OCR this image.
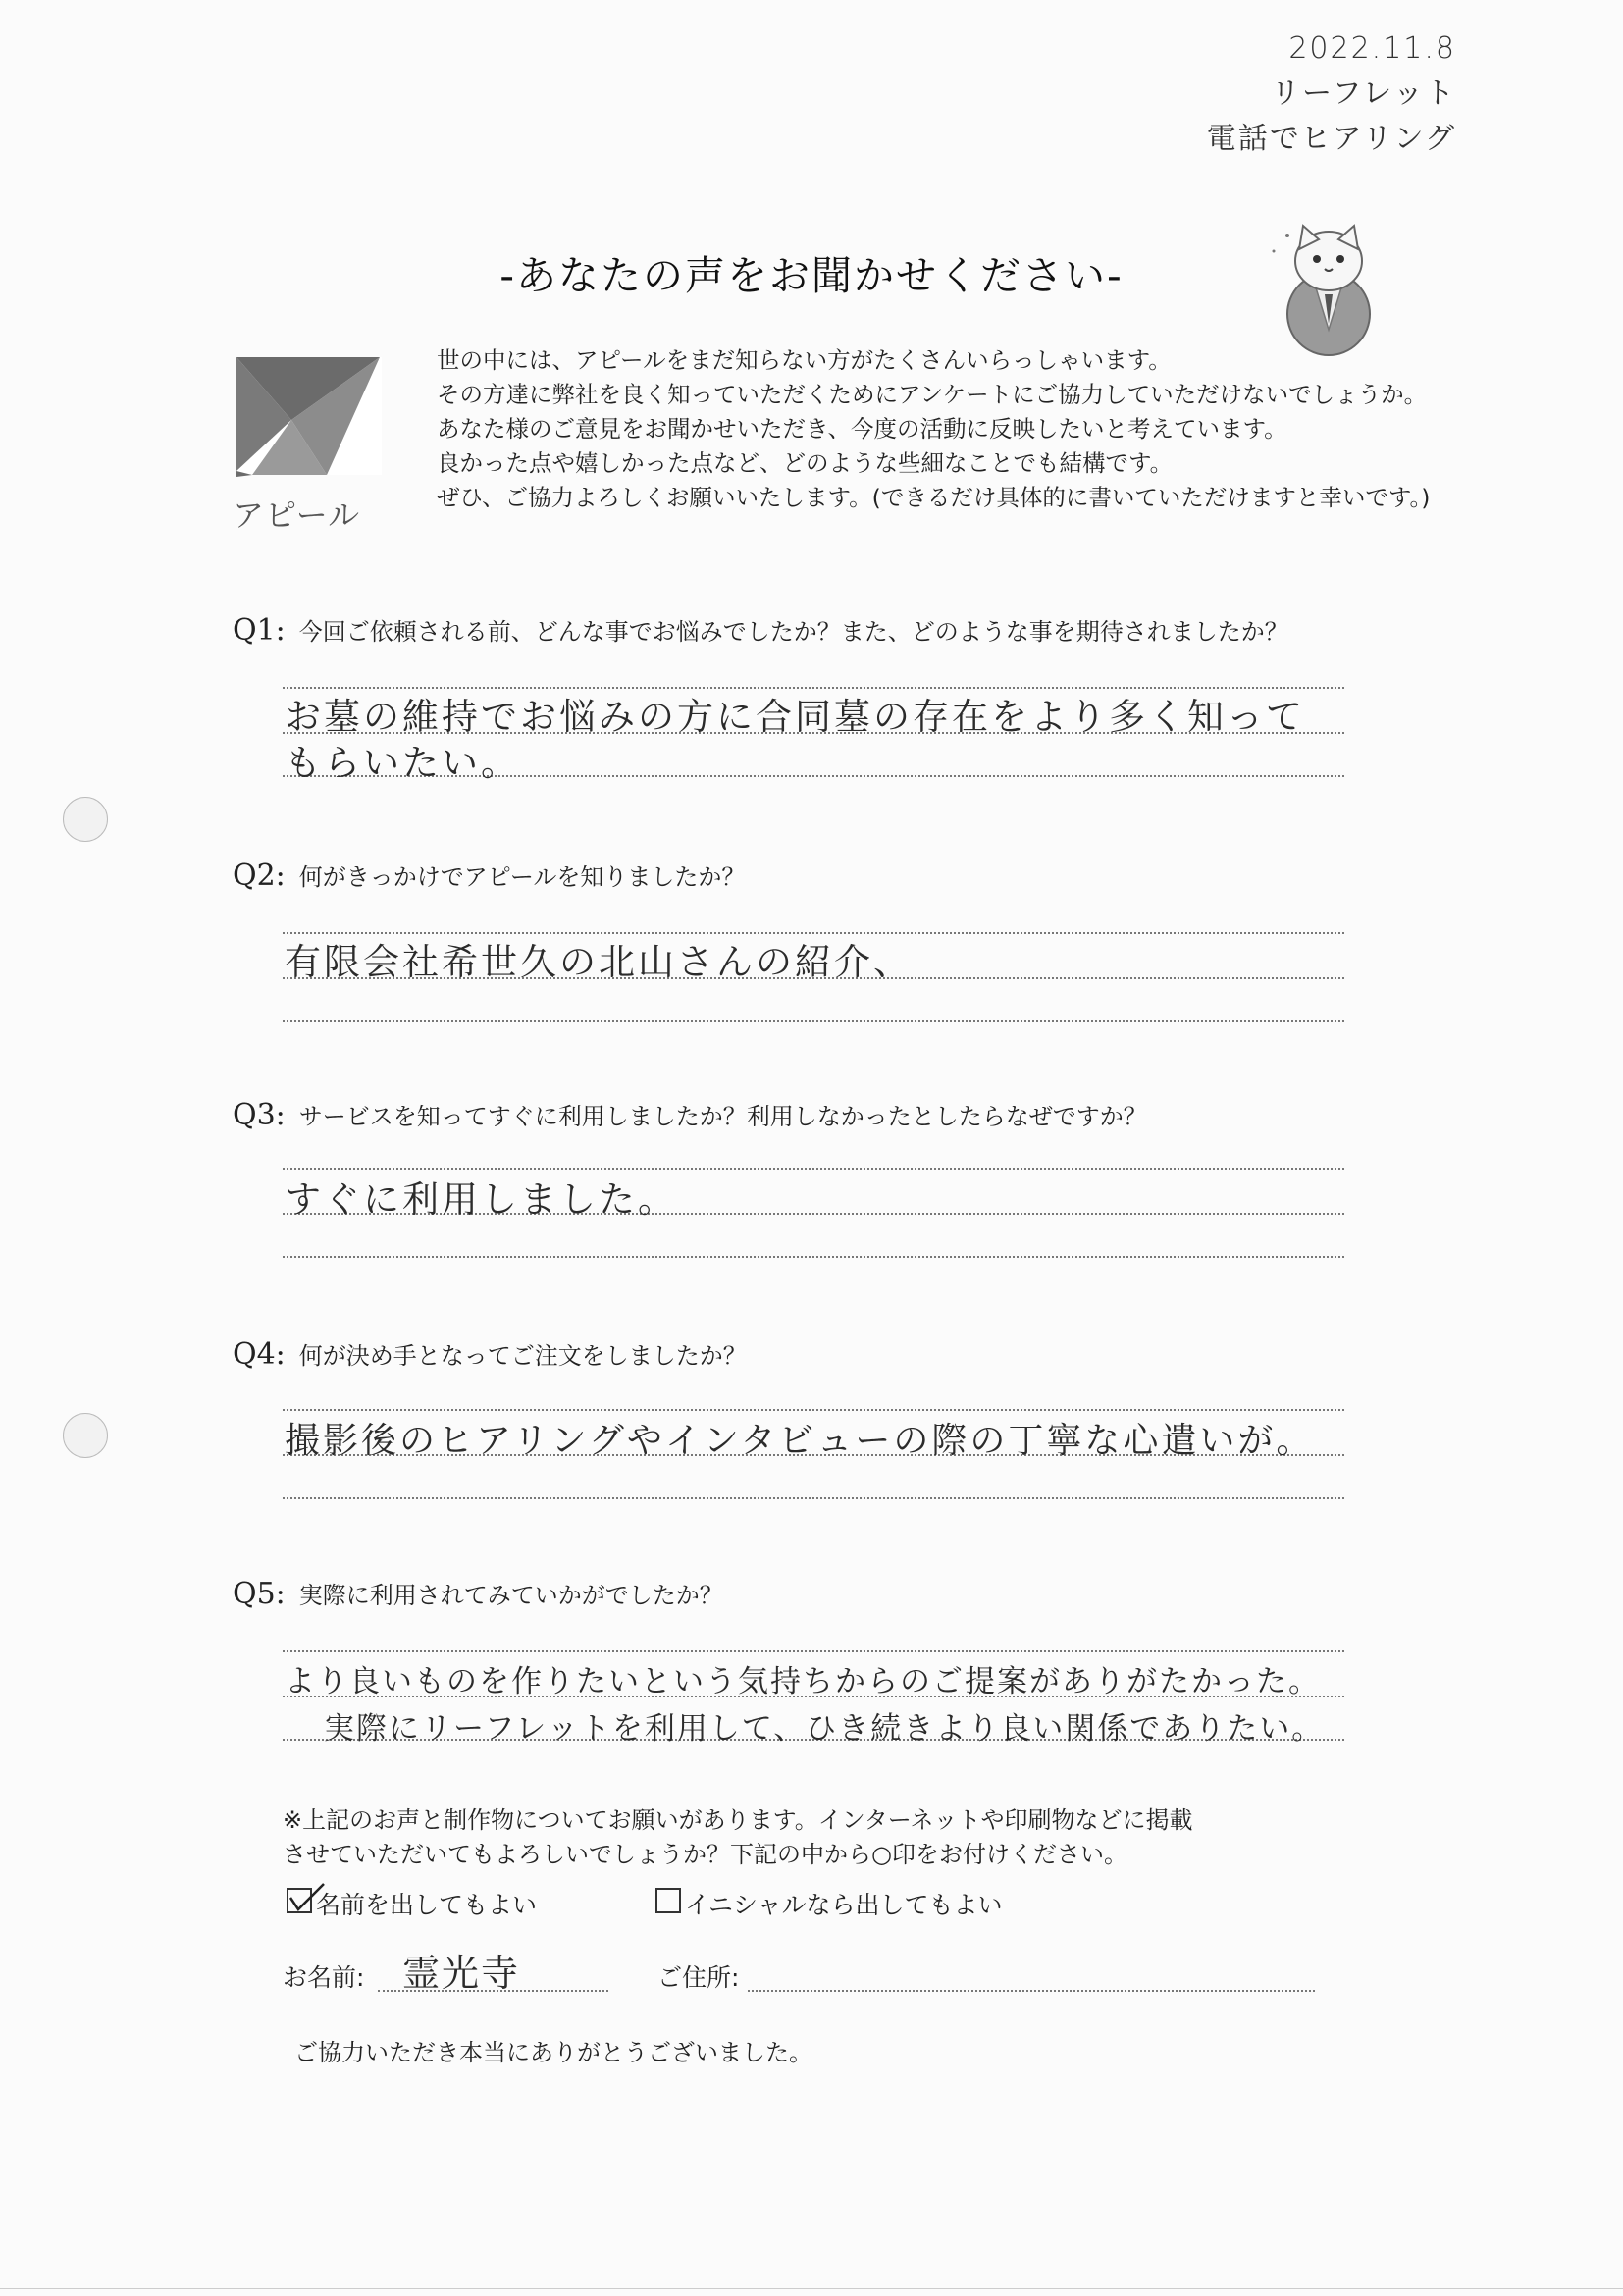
2022.11.8
リーフレット
電話でヒアリング
-あなたの声をお聞かせください-
アピール
世の中には、アピールをまだ知らない方がたくさんいらっしゃいます。
その方達に弊社を良く知っていただくためにアンケートにご協力していただけないでしょうか。
あなた様のご意見をお聞かせいただき、今度の活動に反映したいと考えています。
良かった点や嬉しかった点など、どのような些細なことでも結構です。
ぜひ、ご協力よろしくお願いいたします。(できるだけ具体的に書いていただけますと幸いです。)
Q1: 今回ご依頼される前、どんな事でお悩みでしたか？また、どのような事を期待されましたか？
お墓の維持でお悩みの方に合同墓の存在をより多く知って
もらいたい。
Q2: 何がきっかけでアピールを知りましたか？
有限会社希世久の北山さんの紹介、
Q3: サービスを知ってすぐに利用しましたか？利用しなかったとしたらなぜですか？
すぐに利用しました。
Q4: 何が決め手となってご注文をしましたか？
撮影後のヒアリングやインタビューの際の丁寧な心遣いが。
Q5: 実際に利用されてみていかがでしたか？
より良いものを作りたいという気持ちからのご提案がありがたかった。
実際にリーフレットを利用して、ひき続きより良い関係でありたい。
※上記のお声と制作物についてお願いがあります。インターネットや印刷物などに掲載
させていただいてもよろしいでしょうか？下記の中から○印をお付けください。
名前を出してもよい	イニシャルなら出してもよい
お名前: 霊光寺	ご住所:
ご協力いただき本当にありがとうございました。
